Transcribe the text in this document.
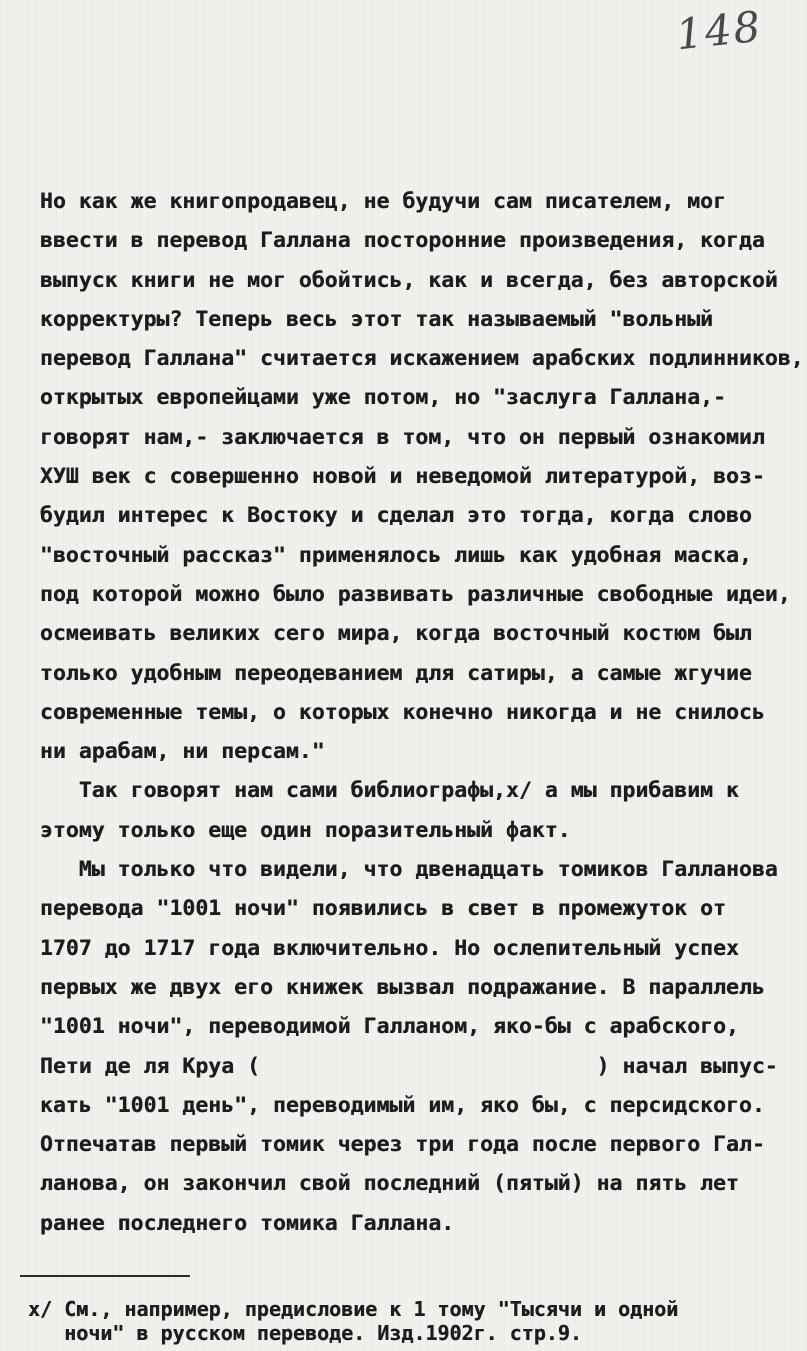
148
Но как же книгопродавец, не будучи сам писателем, мог
ввести в перевод Галлана посторонние произведения, когда
выпуск книги не мог обойтись, как и всегда, без авторской
корректуры? Теперь весь этот так называемый "вольный
перевод Галлана" считается искажением арабских подлинников,
открытых европейцами уже потом, но "заслуга Галлана,-
говорят нам,- заключается в том, что он первый ознакомил
ХУШ век с совершенно новой и неведомой литературой, воз-
будил интерес к Востоку и сделал это тогда, когда слово
"восточный рассказ" применялось лишь как удобная маска,
под которой можно было развивать различные свободные идеи,
осмеивать великих сего мира, когда восточный костюм был
только удобным переодеванием для сатиры, а самые жгучие
современные темы, о которых конечно никогда и не снилось
ни арабам, ни персам."
Так говорят нам сами библиографы,x/ а мы прибавим к
этому только еще один поразительный факт.
Мы только что видели, что двенадцать томиков Галланова
перевода "1001 ночи" появились в свет в промежуток от
1707 до 1717 года включительно. Но ослепительный успех
первых же двух его книжек вызвал подражание. В параллель
"1001 ночи", переводимой Галланом, яко-бы с арабского,
Пети де ля Круа (                          ) начал выпус-
кать "1001 день", переводимый им, яко бы, с персидского.
Отпечатав первый томик через три года после первого Гал-
ланова, он закончил свой последний (пятый) на пять лет
ранее последнего томика Галлана.
x/ См., например, предисловие к 1 тому "Тысячи и одной
ночи" в русском переводе. Изд.1902г. стр.9.
